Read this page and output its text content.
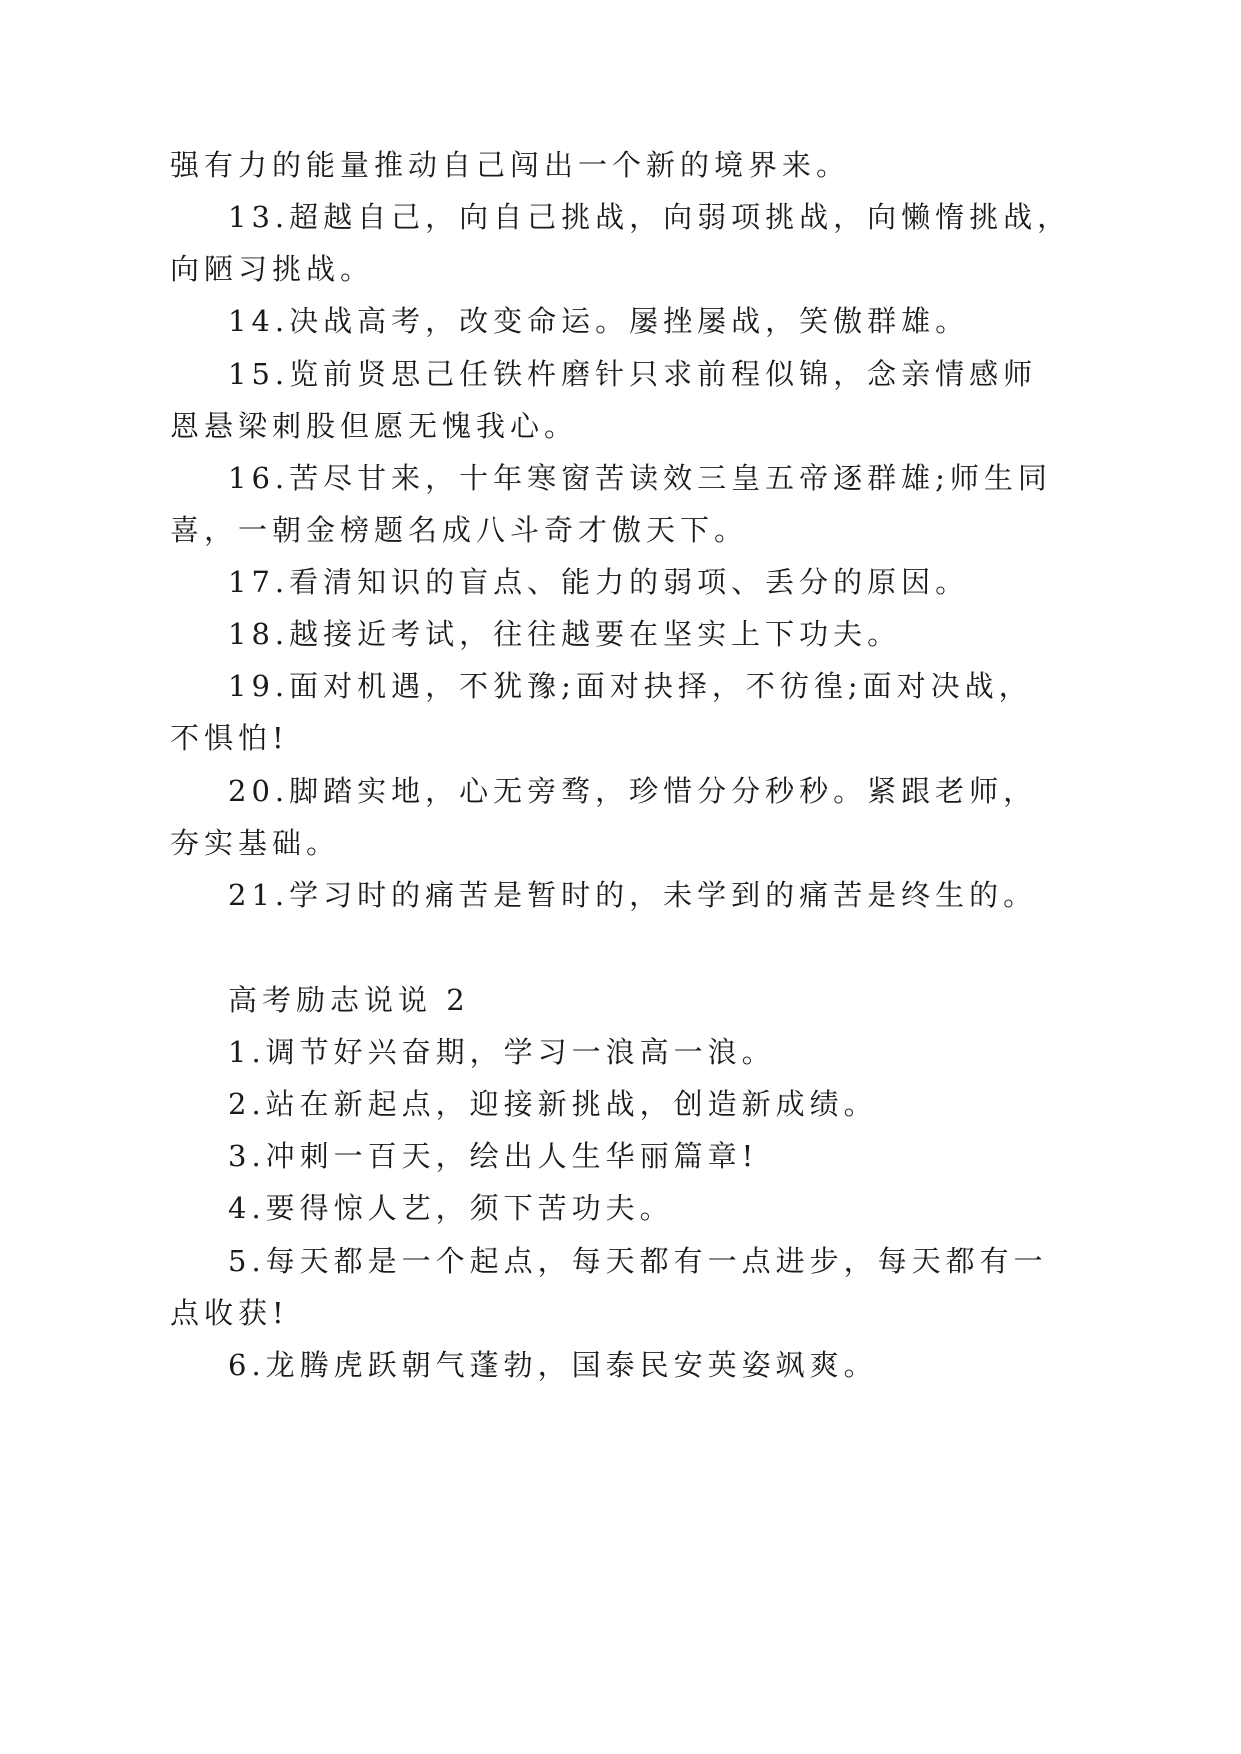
强有力的能量推动自己闯出一个新的境界来。
13.超越自己，向自己挑战，向弱项挑战，向懒惰挑战，
向陋习挑战。
14.决战高考，改变命运。屡挫屡战，笑傲群雄。
15.览前贤思己任铁杵磨针只求前程似锦，念亲情感师
恩悬梁刺股但愿无愧我心。
16.苦尽甘来，十年寒窗苦读效三皇五帝逐群雄;师生同
喜，一朝金榜题名成八斗奇才傲天下。
17.看清知识的盲点、能力的弱项、丢分的原因。
18.越接近考试，往往越要在坚实上下功夫。
19.面对机遇，不犹豫;面对抉择，不彷徨;面对决战，
不惧怕!
20.脚踏实地，心无旁骛，珍惜分分秒秒。紧跟老师，
夯实基础。
21.学习时的痛苦是暂时的，未学到的痛苦是终生的。
高考励志说说 2
1.调节好兴奋期，学习一浪高一浪。
2.站在新起点，迎接新挑战，创造新成绩。
3.冲刺一百天，绘出人生华丽篇章!
4.要得惊人艺，须下苦功夫。
5.每天都是一个起点，每天都有一点进步，每天都有一
点收获!
6.龙腾虎跃朝气蓬勃，国泰民安英姿飒爽。
